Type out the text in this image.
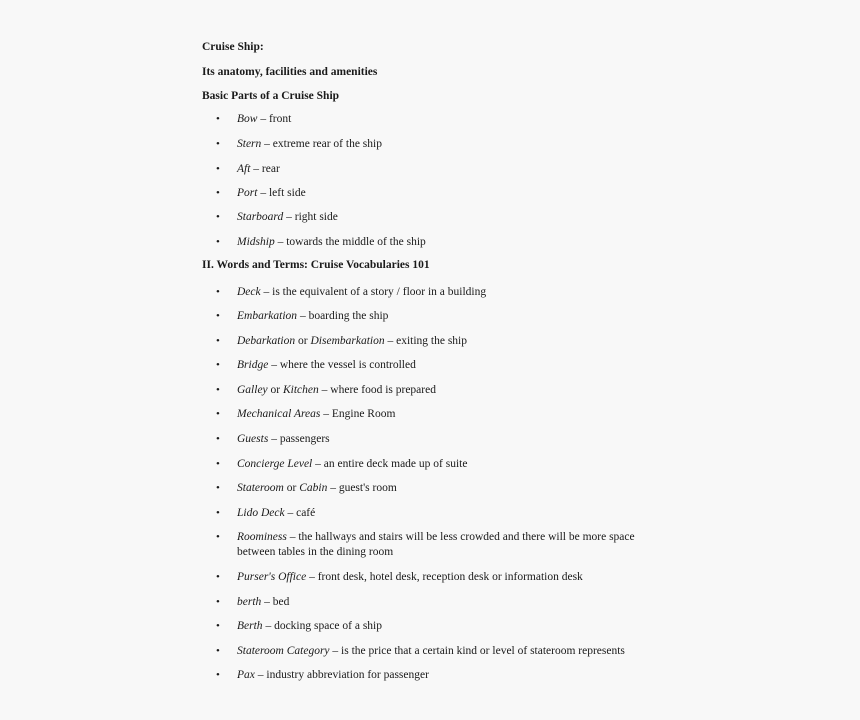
Cruise Ship:
Its anatomy, facilities and amenities
Basic Parts of a Cruise Ship
• Bow – front
• Stern – extreme rear of the ship
• Aft – rear
• Port – left side
• Starboard – right side
• Midship – towards the middle of the ship
II. Words and Terms: Cruise Vocabularies 101
• Deck – is the equivalent of a story / floor in a building
• Embarkation – boarding the ship
• Debarkation or Disembarkation – exiting the ship
• Bridge – where the vessel is controlled
• Galley or Kitchen – where food is prepared
• Mechanical Areas – Engine Room
• Guests – passengers
• Concierge Level – an entire deck made up of suite
• Stateroom or Cabin – guest's room
• Lido Deck – café
• Roominess – the hallways and stairs will be less crowded and there will be more space between tables in the dining room
• Purser's Office – front desk, hotel desk, reception desk or information desk
• berth – bed
• Berth – docking space of a ship
• Stateroom Category – is the price that a certain kind or level of stateroom represents
• Pax – industry abbreviation for passenger
